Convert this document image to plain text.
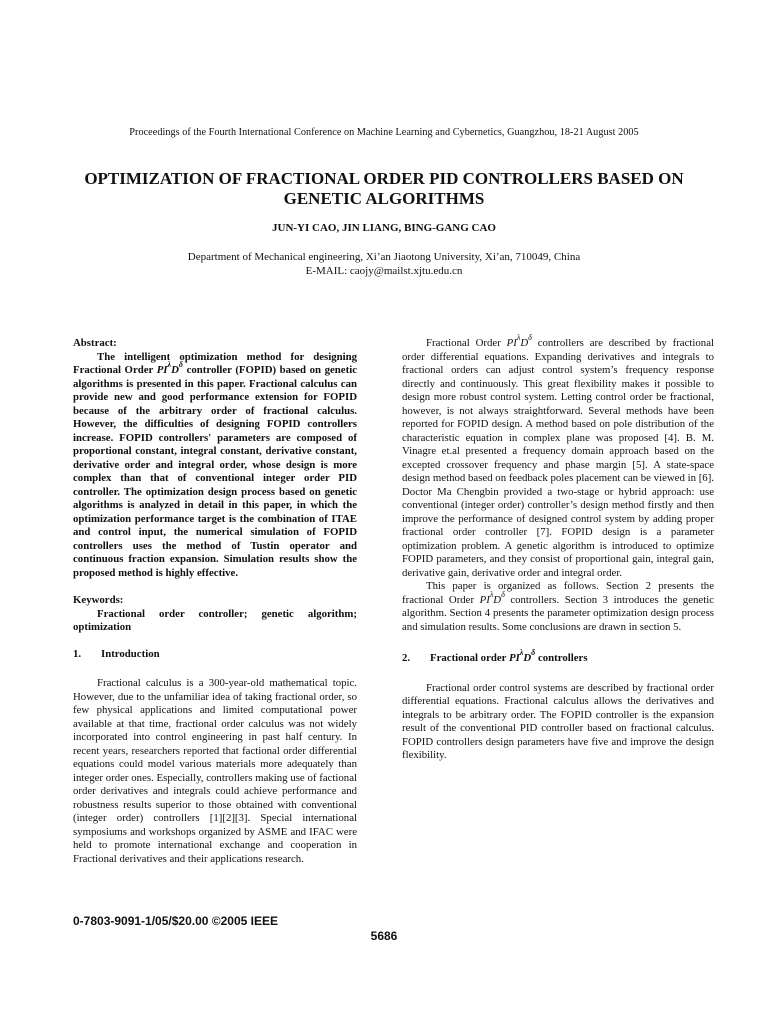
Proceedings of the Fourth International Conference on Machine Learning and Cybernetics, Guangzhou, 18-21 August 2005
OPTIMIZATION OF FRACTIONAL ORDER PID CONTROLLERS BASED ON
GENETIC ALGORITHMS
JUN-YI CAO, JIN LIANG, BING-GANG CAO
Department of Mechanical engineering, Xi’an Jiaotong University, Xi’an, 710049, China
E-MAIL: caojy@mailst.xjtu.edu.cn

Abstract:

The intelligent optimization method for designing Fractional Order $PI^\lambda D^\delta$ controller (FOPID) based on genetic algorithms is presented in this paper. Fractional calculus can provide new and good performance extension for FOPID because of the arbitrary order of fractional calculus. However, the difficulties of designing FOPID controllers increase. FOPID controllers' parameters are composed of proportional constant, integral constant, derivative constant, derivative order and integral order, whose design is more complex than that of conventional integer order PID controller. The optimization design process based on genetic algorithms is analyzed in detail in this paper, in which the optimization performance target is the combination of ITAE and control input, the numerical simulation of FOPID controllers uses the method of Tustin operator and continuous fraction expansion. Simulation results show the proposed method is highly effective.

Keywords:

Fractional order controller; genetic algorithm; optimization

1.	Introduction

Fractional calculus is a 300-year-old mathematical topic. However, due to the unfamiliar idea of taking fractional order, so few physical applications and limited computational power available at that time, fractional order calculus was not widely incorporated into control engineering in past half century. In recent years, researchers reported that factional order differential equations could model various materials more adequately than integer order ones. Especially, controllers making use of factional order derivatives and integrals could achieve performance and robustness results superior to those obtained with conventional (integer order) controllers [1][2][3]. Special international symposiums and workshops organized by ASME and IFAC were held to promote international exchange and cooperation in Fractional derivatives and their applications research.

Fractional Order $PI^\lambda D^\delta$ controllers are described by fractional order differential equations. Expanding derivatives and integrals to fractional orders can adjust control system’s frequency response directly and continuously. This great flexibility makes it possible to design more robust control system. Letting control order be fractional, however, is not always straightforward. Several methods have been reported for FOPID design. A method based on pole distribution of the characteristic equation in complex plane was proposed [4]. B. M. Vinagre et.al presented a frequency domain approach based on the excepted crossover frequency and phase margin [5]. A state-space design method based on feedback poles placement can be viewed in [6]. Doctor Ma Chengbin provided a two-stage or hybrid approach: use conventional (integer order) controller’s design method firstly and then improve the performance of designed control system by adding proper fractional order controller [7]. FOPID design is a parameter optimization problem. A genetic algorithm is introduced to optimize FOPID parameters, and they consist of proportional gain, integral gain, derivative gain, derivative order and integral order.

This paper is organized as follows. Section 2 presents the fractional Order $PI^\lambda D^\delta$ controllers. Section 3 introduces the genetic algorithm. Section 4 presents the parameter optimization design process and simulation results. Some conclusions are drawn in section 5.

2.	Fractional order $PI^\lambda D^\delta$ controllers

Fractional order control systems are described by fractional order differential equations. Fractional calculus allows the derivatives and integrals to be arbitrary order. The FOPID controller is the expansion result of the conventional PID controller based on fractional calculus. FOPID controllers design parameters have five and improve the design flexibility.

0-7803-9091-1/05/$20.00 ©2005 IEEE
5686
